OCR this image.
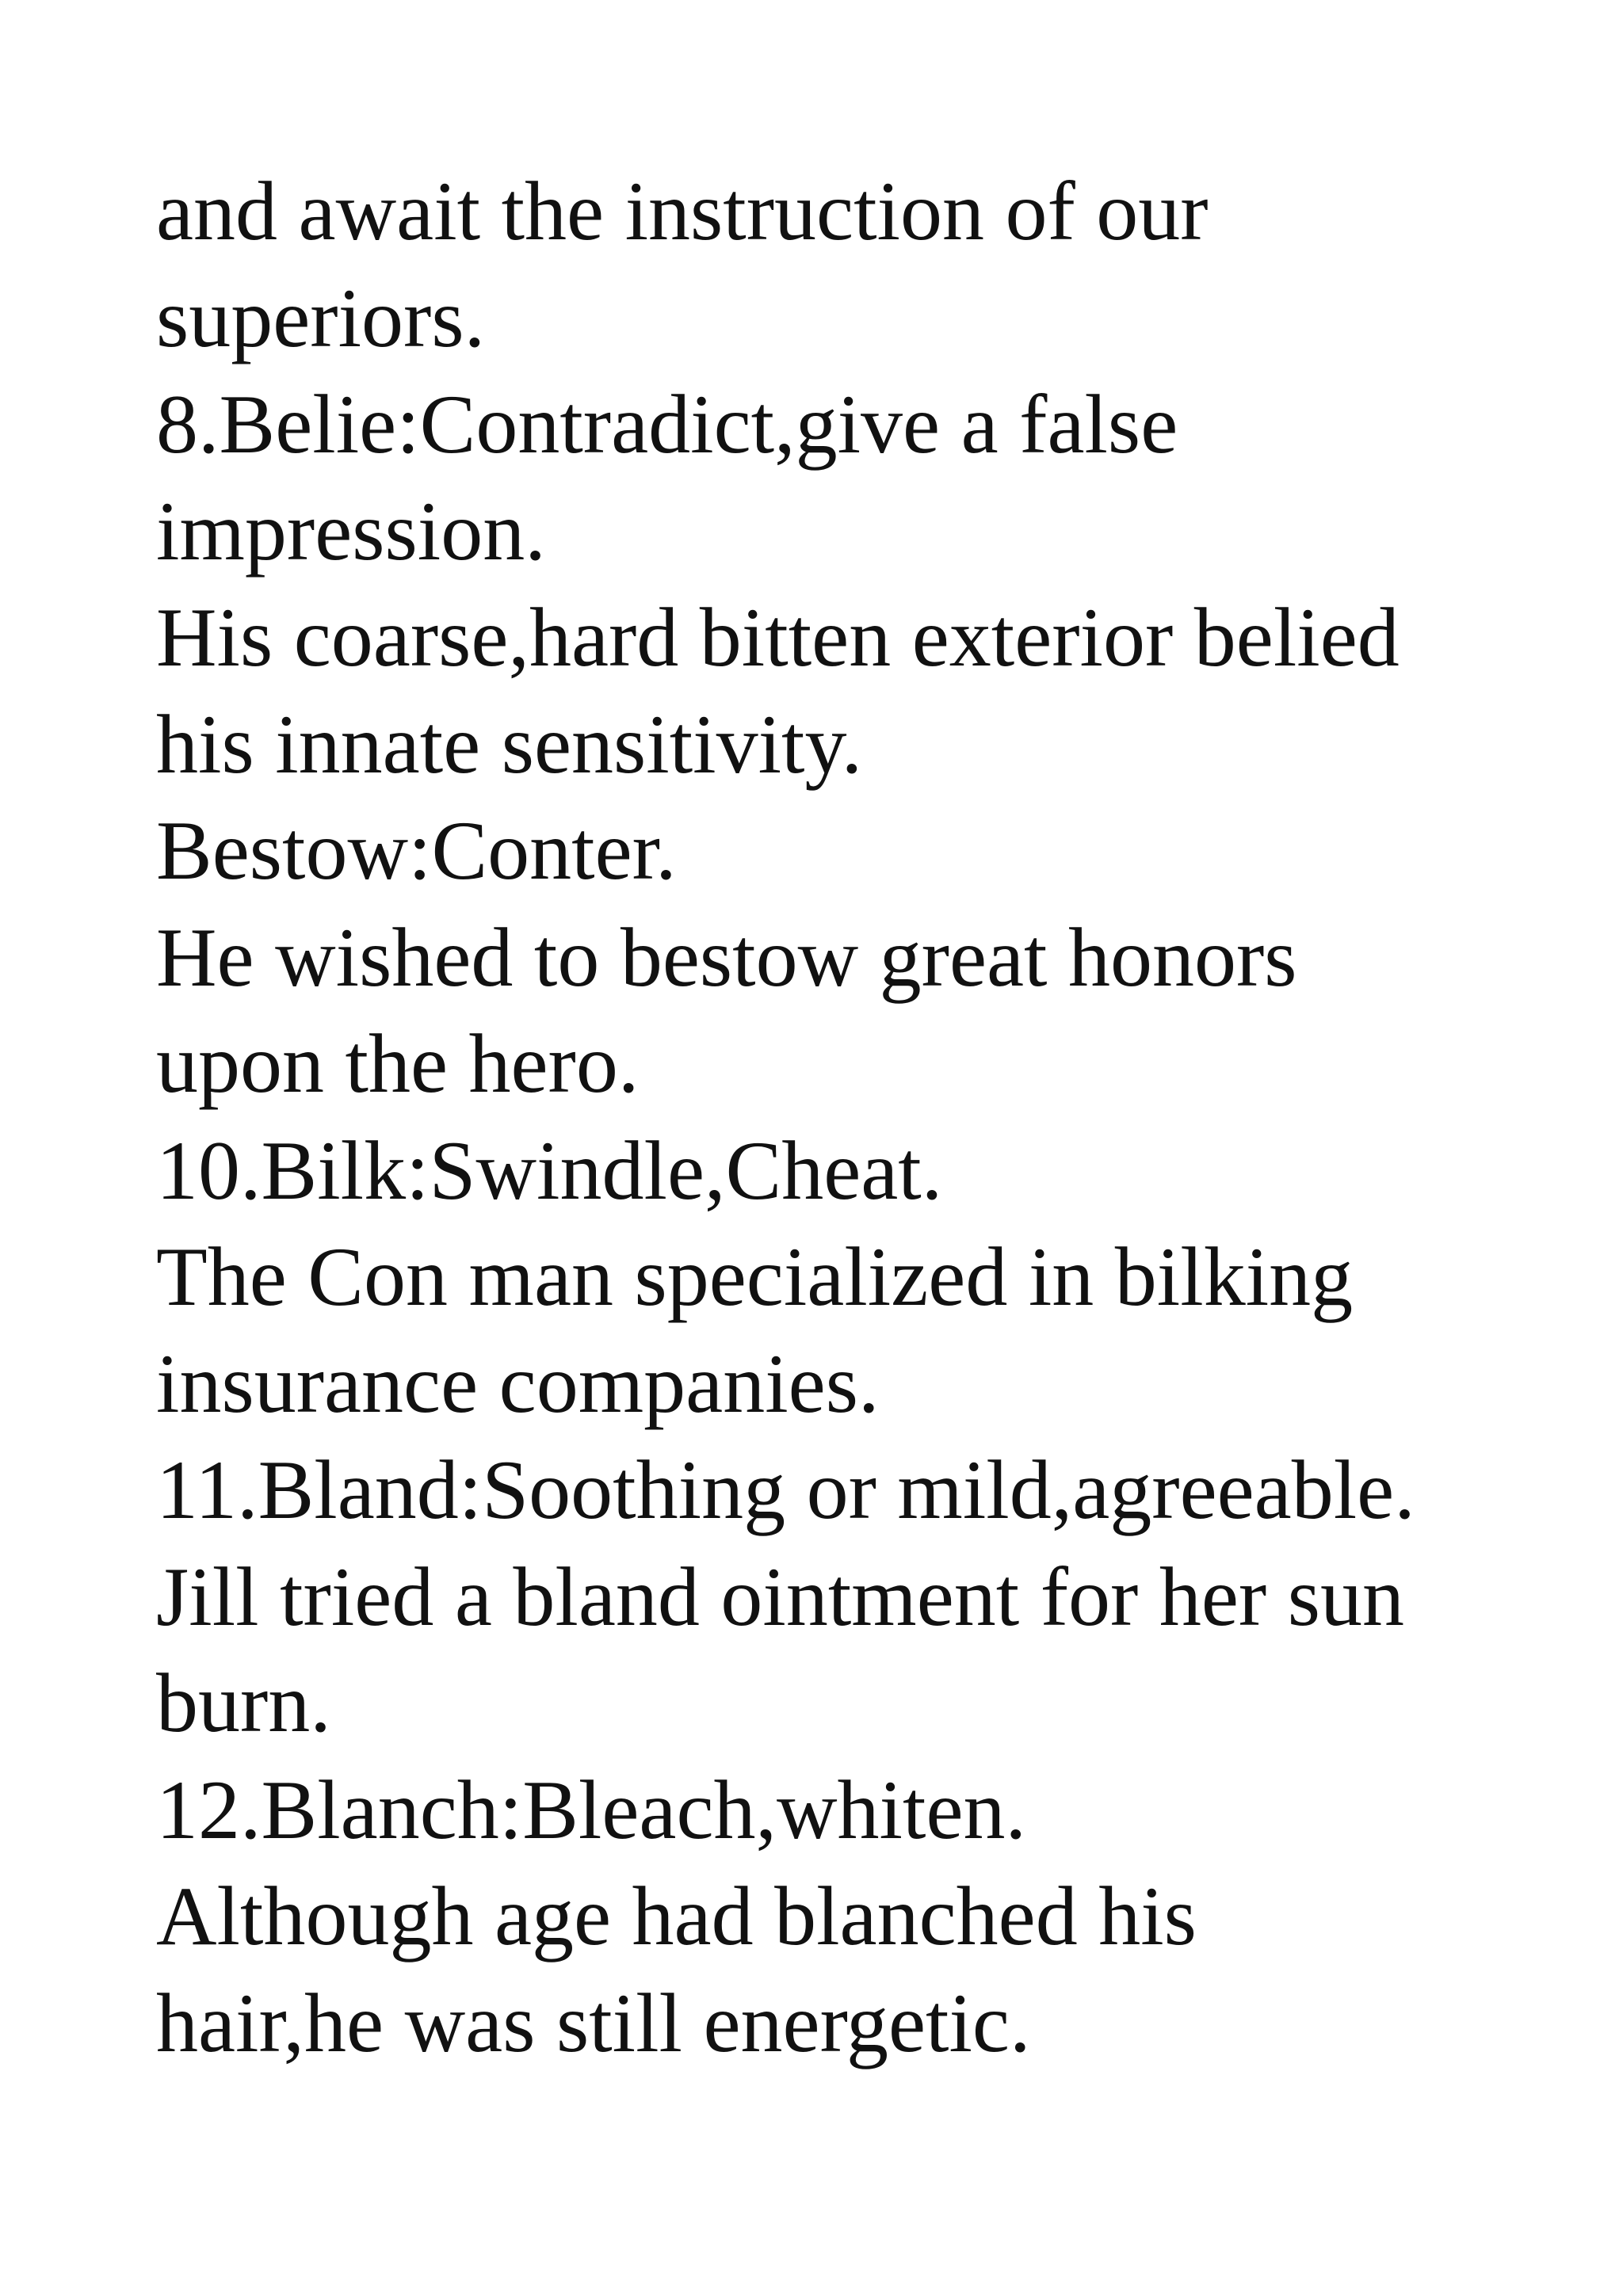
and await the instruction of our
superiors.
8.Belie:Contradict,give a false
impression.
His coarse,hard bitten exterior belied
his innate sensitivity.
Bestow:Conter.
He wished to bestow great honors
upon the hero.
10.Bilk:Swindle,Cheat.
The Con man specialized in bilking
insurance companies.
11.Bland:Soothing or mild,agreeable.
Jill tried a bland ointment for her sun
burn.
12.Blanch:Bleach,whiten.
Although age had blanched his
hair,he was still energetic.
